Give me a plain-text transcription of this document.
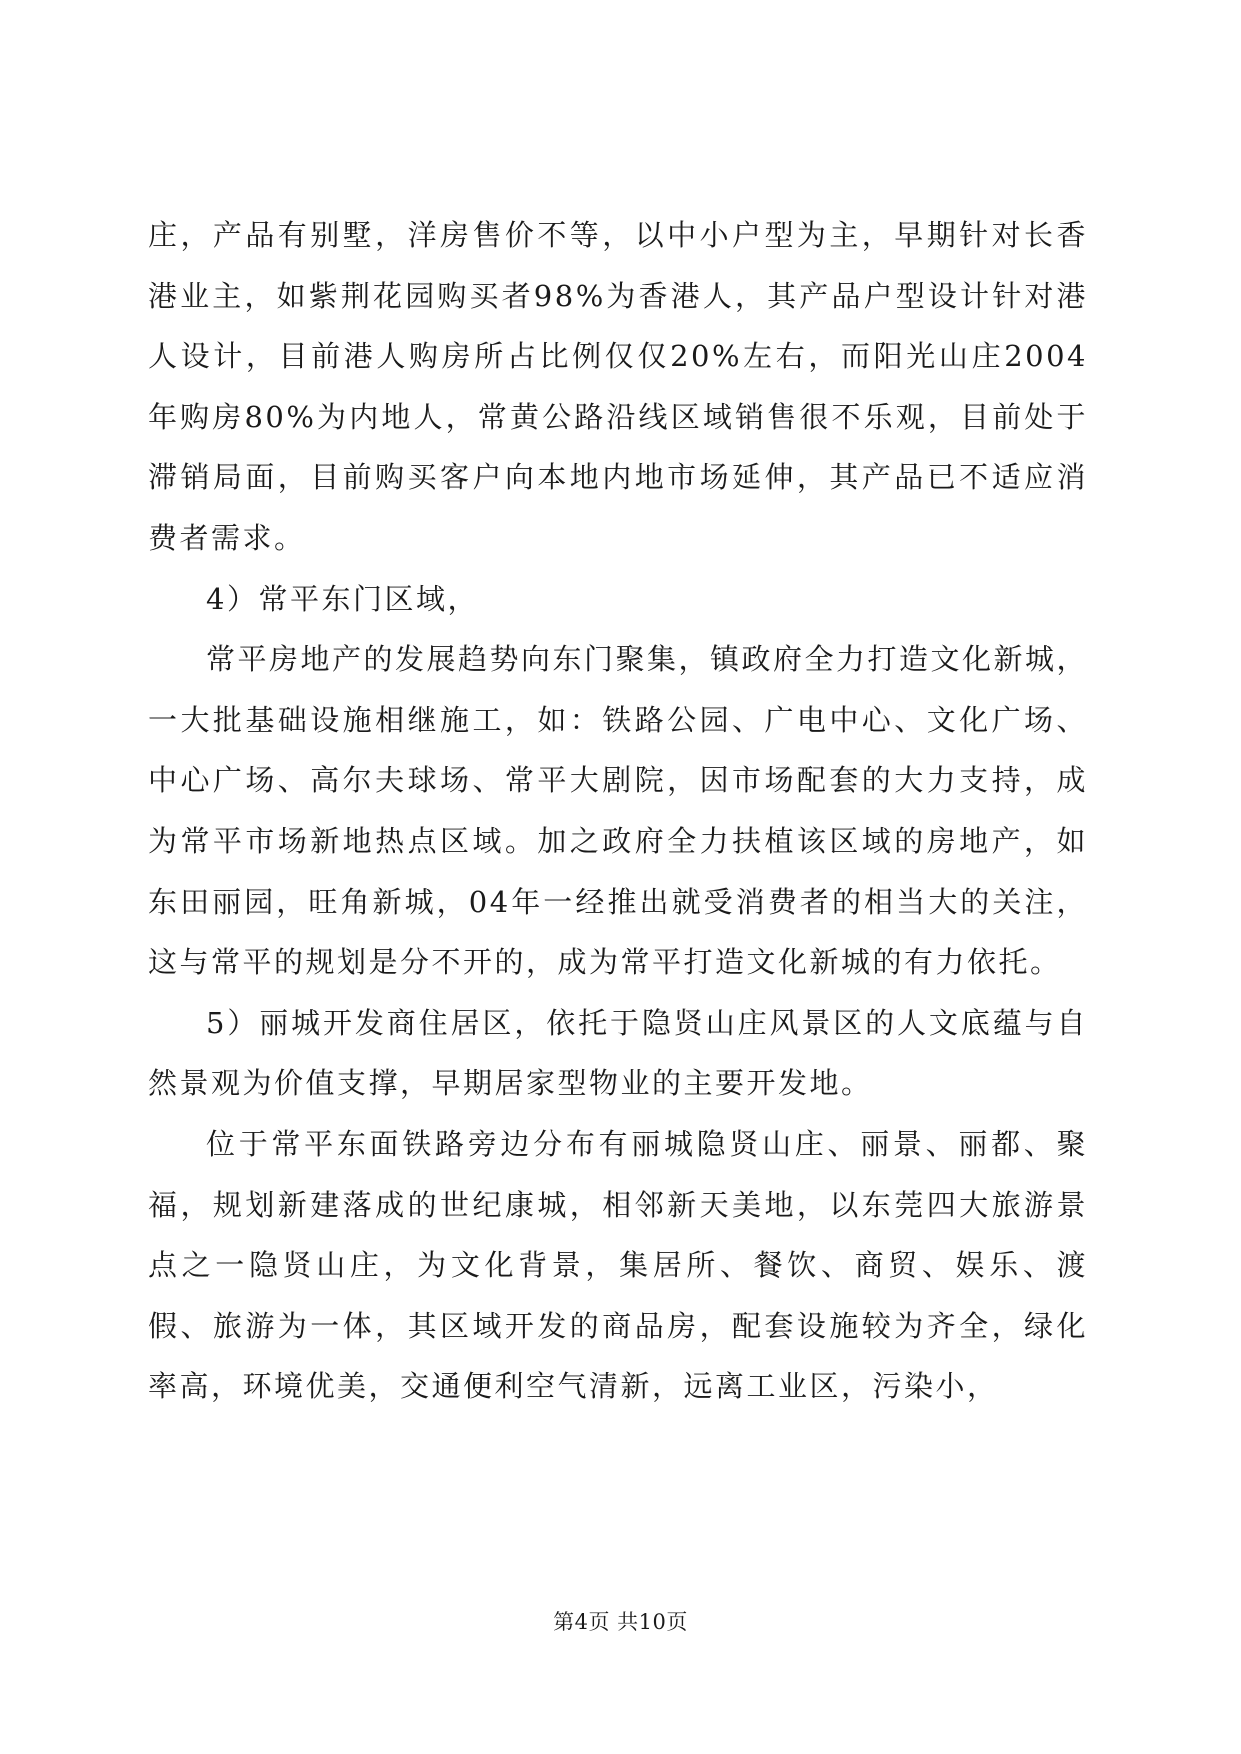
庄，产品有别墅，洋房售价不等，以中小户型为主，早期针对长香港业主，如紫荆花园购买者98%为香港人，其产品户型设计针对港人设计，目前港人购房所占比例仅仅20%左右，而阳光山庄2004年购房80%为内地人，常黄公路沿线区域销售很不乐观，目前处于滞销局面，目前购买客户向本地内地市场延伸，其产品已不适应消费者需求。

4）常平东门区域，

常平房地产的发展趋势向东门聚集，镇政府全力打造文化新城，一大批基础设施相继施工，如：铁路公园、广电中心、文化广场、中心广场、高尔夫球场、常平大剧院，因市场配套的大力支持，成为常平市场新地热点区域。加之政府全力扶植该区域的房地产，如东田丽园，旺角新城，04年一经推出就受消费者的相当大的关注，这与常平的规划是分不开的，成为常平打造文化新城的有力依托。

5）丽城开发商住居区，依托于隐贤山庄风景区的人文底蕴与自然景观为价值支撑，早期居家型物业的主要开发地。

位于常平东面铁路旁边分布有丽城隐贤山庄、丽景、丽都、聚福，规划新建落成的世纪康城，相邻新天美地，以东莞四大旅游景点之一隐贤山庄，为文化背景，集居所、餐饮、商贸、娱乐、渡假、旅游为一体，其区域开发的商品房，配套设施较为齐全，绿化率高，环境优美，交通便利空气清新，远离工业区，污染小，

第4页 共10页
